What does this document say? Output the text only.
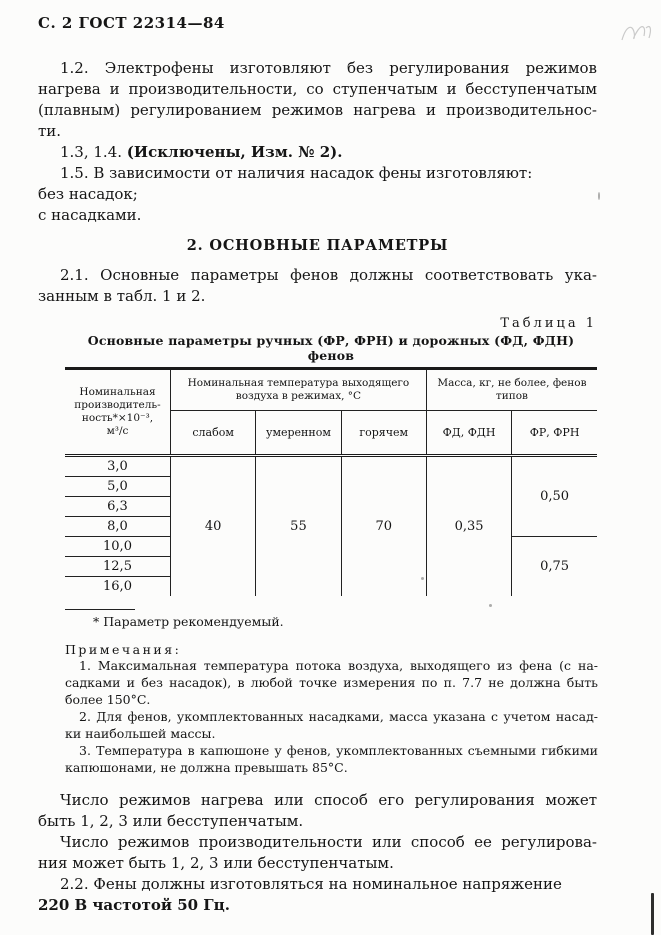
С. 2 ГОСТ 22314—84
1.2. Электрофены изготовляют без регулирования режимов
нагрева и производительности, со ступенчатым и бесступенчатым
(плавным) регулированием режимов нагрева и производительнос-
ти.
1.3, 1.4. (Исключены, Изм. № 2).
1.5. В зависимости от наличия насадок фены изготовляют:
без насадок;
с насадками.
2. ОСНОВНЫЕ ПАРАМЕТРЫ
2.1. Основные параметры фенов должны соответствовать ука-
занным в табл. 1 и 2.
Таблица 1
Основные параметры ручных (ФР, ФРН) и дорожных (ФД, ФДН) фенов
Номинальная
производитель-
ность*×10⁻³,
м³/с	Номинальная температура выходящего воздуха в режимах, °С			Масса, кг, не более, фенов типов	
	слабом	умеренном	горячем	ФД, ФДН	ФР, ФРН
3,0	40	55	70	0,35	0,50
5,0					
6,3					
8,0					
10,0					0,75
12,5					
16,0					
* Параметр рекомендуемый.
Примечания:
1. Максимальная температура потока воздуха, выходящего из фена (с на-
садками и без насадок), в любой точке измерения по п. 7.7 не должна быть
более 150°С.
2. Для фенов, укомплектованных насадками, масса указана с учетом насад-
ки наибольшей массы.
3. Температура в капюшоне у фенов, укомплектованных съемными гибкими
капюшонами, не должна превышать 85°С.
Число режимов нагрева или способ его регулирования может
быть 1, 2, 3 или бесступенчатым.
Число режимов производительности или способ ее регулирова-
ния может быть 1, 2, 3 или бесступенчатым.
2.2. Фены должны изготовляться на номинальное напряжение
220 В частотой 50 Гц.
